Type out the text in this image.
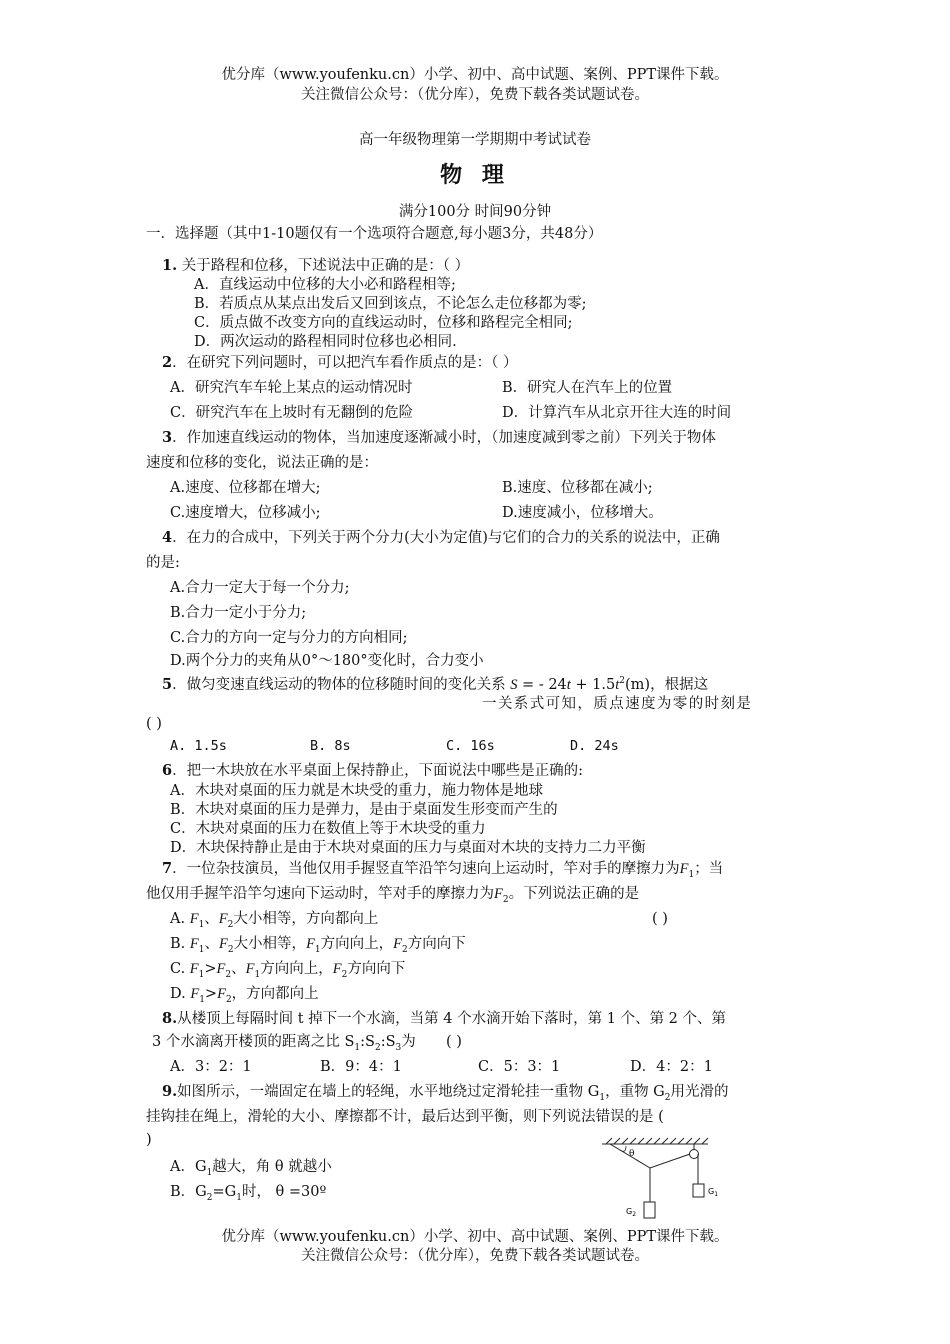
优分库（www.youfenku.cn）小学、初中、高中试题、案例、PPT课件下载。
关注微信公众号：（优分库），免费下载各类试题试卷。
高一年级物理第一学期期中考试试卷
物 理
满分100分 时间90分钟
一．选择题（其中1-10题仅有一个选项符合题意,每小题3分，共48分）
1. 关于路程和位移，下述说法中正确的是：（ ）
A．直线运动中位移的大小必和路程相等;
B．若质点从某点出发后又回到该点，不论怎么走位移都为零;
C．质点做不改变方向的直线运动时，位移和路程完全相同;
D．两次运动的路程相同时位移也必相同.
2．在研究下列问题时，可以把汽车看作质点的是：（ ）
A．研究汽车车轮上某点的运动情况时	B．研究人在汽车上的位置
C．研究汽车在上坡时有无翻倒的危险	D．计算汽车从北京开往大连的时间
3．作加速直线运动的物体，当加速度逐渐减小时，（加速度减到零之前）下列关于物体
速度和位移的变化，说法正确的是：
A.速度、位移都在增大;	B.速度、位移都在减小;
C.速度增大，位移减小;	D.速度减小，位移增大。
4．在力的合成中，下列关于两个分力(大小为定值)与它们的合力的关系的说法中，正确
的是:
A.合力一定大于每一个分力;
B.合力一定小于分力;
C.合力的方向一定与分力的方向相同;
D.两个分力的夹角从0°～180°变化时，合力变小
5．做匀变速直线运动的物体的位移随时间的变化关系 S = - $24t + 1.5t^2(m)$，根据这
一关系式可知，质点速度为零的时刻是
( )
A. 1.5s	B. 8s	C. 16s	D. 24s
6．把一木块放在水平桌面上保持静止，下面说法中哪些是正确的:
A．木块对桌面的压力就是木块受的重力，施力物体是地球
B．木块对桌面的压力是弹力，是由于桌面发生形变而产生的
C．木块对桌面的压力在数值上等于木块受的重力
D．木块保持静止是由于木块对桌面的压力与桌面对木块的支持力二力平衡
7．一位杂技演员，当他仅用手握竖直竿沿竿匀速向上运动时，竿对手的摩擦力为$F_1$；当
他仅用手握竿沿竿匀速向下运动时，竿对手的摩擦力为$F_2$。下列说法正确的是
A. $F_1$、$F_2$大小相等，方向都向上	( )
B. $F_1$、$F_2$大小相等，$F_1$方向向上，$F_2$方向向下
C. $F_1>F_2$、$F_1$方向向上，$F_2$方向向下
D. $F_1>F_2$，方向都向上
8.从楼顶上每隔时间 t 掉下一个水滴，当第 4 个水滴开始下落时，第 1 个、第 2 个、第
3 个水滴离开楼顶的距离之比 $S_1:S_2:S_3$为 ( )
A．3：2：1	B．9：4：1	C．5：3：1	D．4：2：1
9.如图所示，一端固定在墙上的轻绳，水平地绕过定滑轮挂一重物 $G_1$，重物 $G_2$用光滑的
挂钩挂在绳上，滑轮的大小、摩擦都不计，最后达到平衡，则下列说法错误的是 (
)
A．$G_1$越大，角 θ 就越小
B．$G_2=G_1$时， θ =30º
θ
$G_2$
$G_1$
优分库（www.youfenku.cn）小学、初中、高中试题、案例、PPT课件下载。
关注微信公众号：（优分库），免费下载各类试题试卷。
